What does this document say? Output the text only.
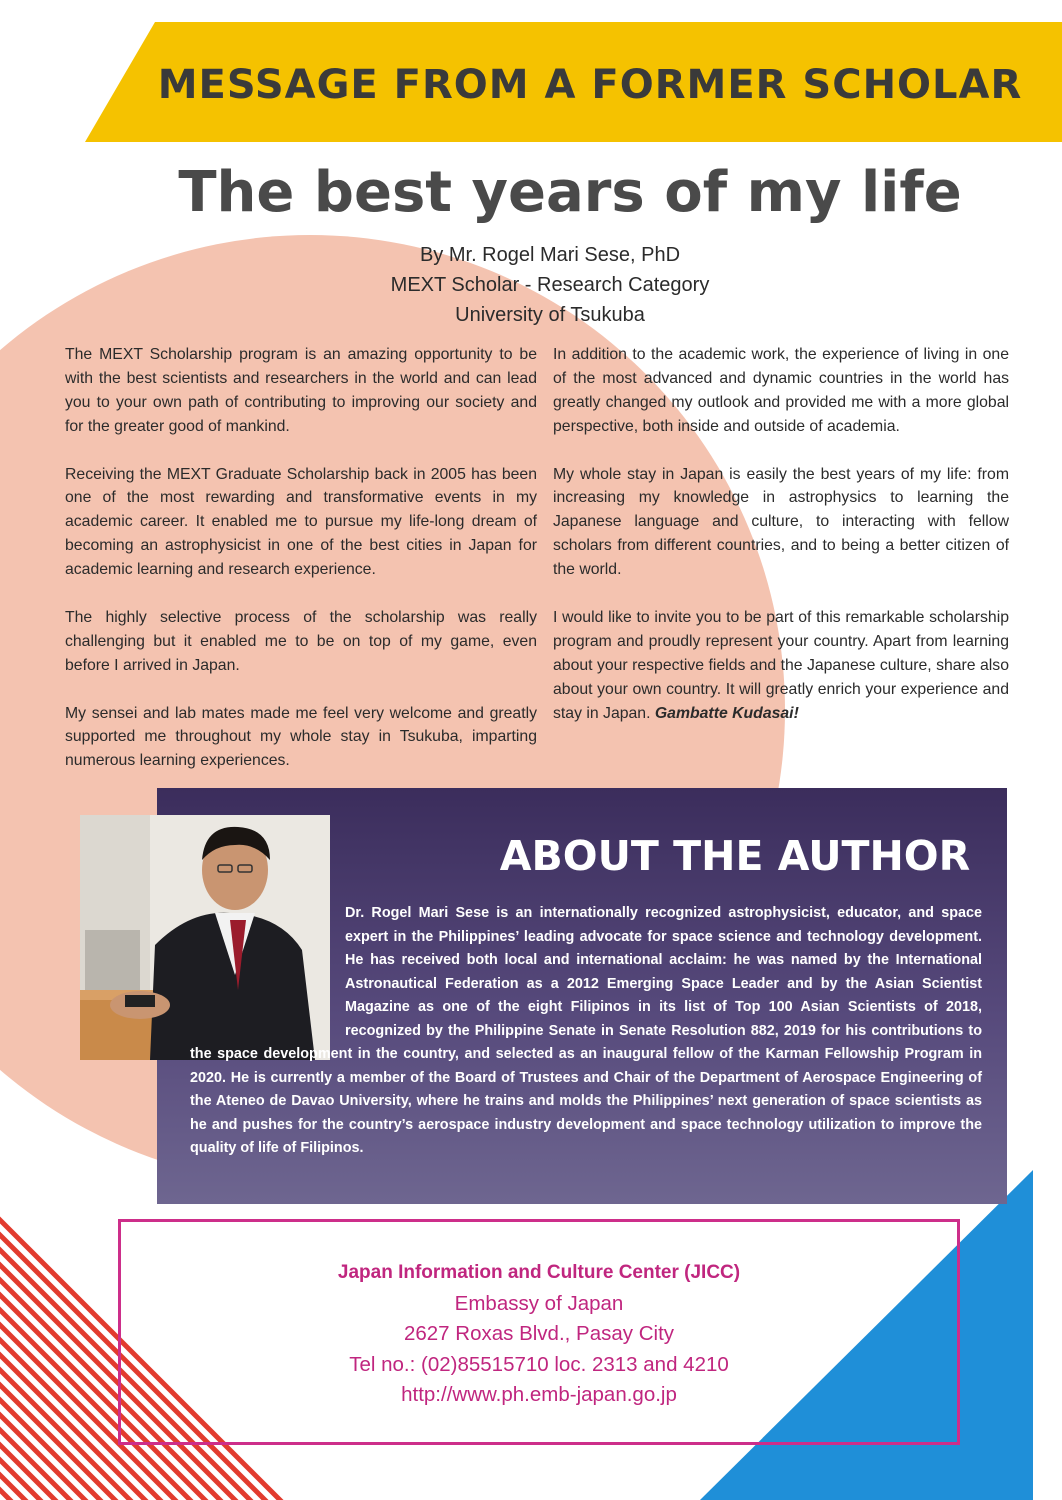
MESSAGE FROM A FORMER SCHOLAR
The best years of my life
By Mr. Rogel Mari Sese, PhD
MEXT Scholar - Research Category
University of Tsukuba

The MEXT Scholarship program is an amazing opportunity to be with the best scientists and researchers in the world and can lead you to your own path of contributing to improving our society and for the greater good of mankind.

Receiving the MEXT Graduate Scholarship back in 2005 has been one of the most rewarding and transformative events in my academic career. It enabled me to pursue my life-long dream of becoming an astrophysicist in one of the best cities in Japan for academic learning and research experience.

The highly selective process of the scholarship was really challenging but it enabled me to be on top of my game, even before I arrived in Japan.

My sensei and lab mates made me feel very welcome and greatly supported me throughout my whole stay in Tsukuba, imparting numerous learning experiences.

In addition to the academic work, the experience of living in one of the most advanced and dynamic countries in the world has greatly changed my outlook and provided me with a more global perspective, both inside and outside of academia.

My whole stay in Japan is easily the best years of my life: from increasing my knowledge in astrophysics to learning the Japanese language and culture, to interacting with fellow scholars from different countries, and to being a better citizen of the world.

I would like to invite you to be part of this remarkable scholarship program and proudly represent your country. Apart from learning about your respective fields and the Japanese culture, share also about your own country. It will greatly enrich your experience and stay in Japan. Gambatte Kudasai!

ABOUT THE AUTHOR
Dr. Rogel Mari Sese is an internationally recognized astrophysicist, educator, and space expert in the Philippines’ leading advocate for space science and technology development. He has received both local and international acclaim: he was named by the International Astronautical Federation as a 2012 Emerging Space Leader and by the Asian Scientist Magazine as one of the eight Filipinos in its list of Top 100 Asian Scientists of 2018, recognized by the Philippine Senate in Senate Resolution 882, 2019 for his contributions to the space development in the country, and selected as an inaugural fellow of the Karman Fellowship Program in 2020. He is currently a member of the Board of Trustees and Chair of the Department of Aerospace Engineering of the Ateneo de Davao University, where he trains and molds the Philippines’ next generation of space scientists as he and pushes for the country’s aerospace industry development and space technology utilization to improve the quality of life of Filipinos.
Japan Information and Culture Center (JICC)
Embassy of Japan
2627 Roxas Blvd., Pasay City
Tel no.: (02)85515710 loc. 2313 and 4210
http://www.ph.emb-japan.go.jp
